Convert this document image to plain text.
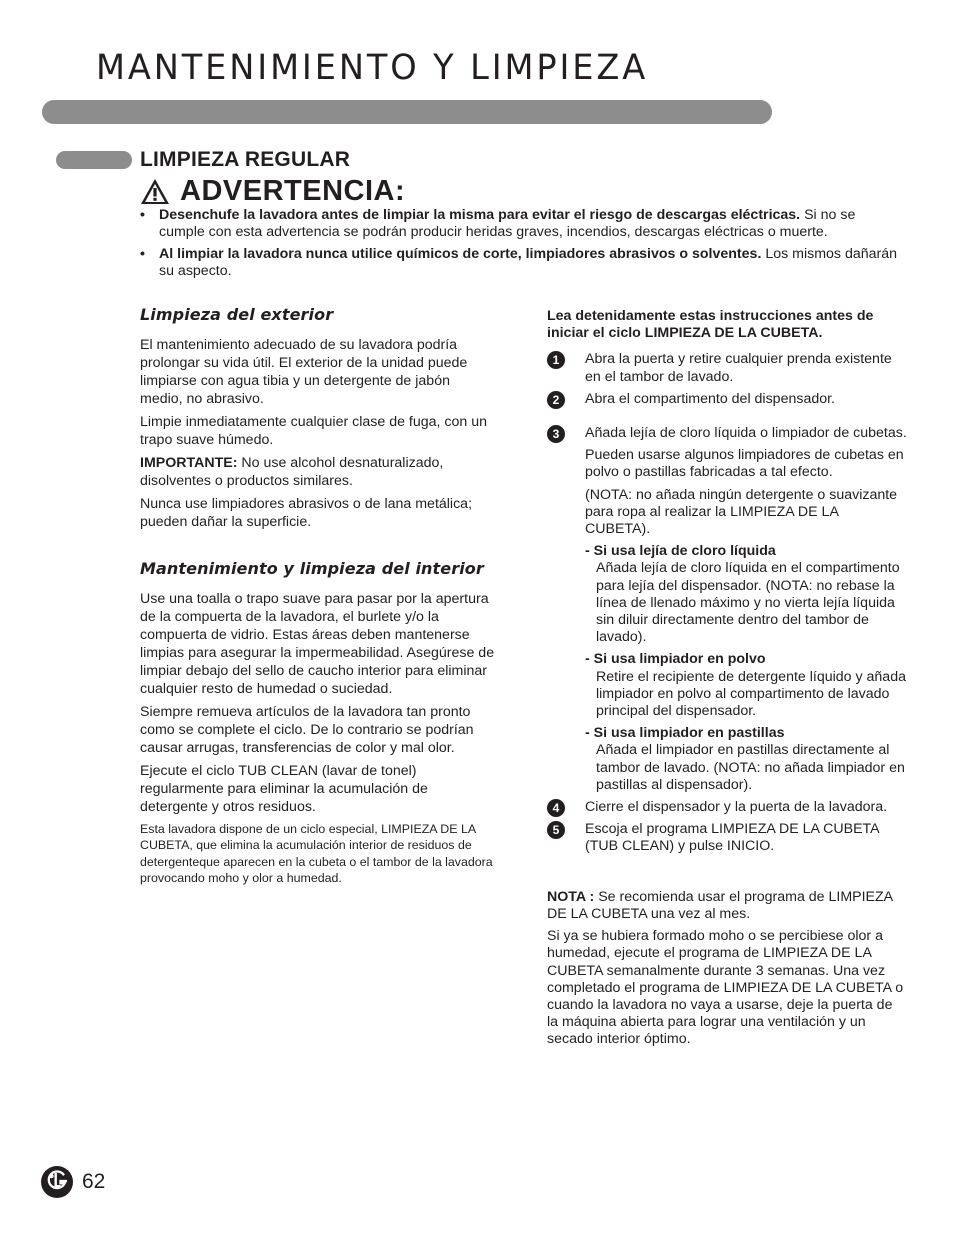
MANTENIMIENTO Y LIMPIEZA
LIMPIEZA REGULAR
ADVERTENCIA:
• Desenchufe la lavadora antes de limpiar la misma para evitar el riesgo de descargas eléctricas. Si no se cumple con esta advertencia se podrán producir heridas graves, incendios, descargas eléctricas o muerte.
• Al limpiar la lavadora nunca utilice químicos de corte, limpiadores abrasivos o solventes. Los mismos dañarán su aspecto.
Limpieza del exterior

El mantenimiento adecuado de su lavadora podría prolongar su vida útil. El exterior de la unidad puede limpiarse con agua tibia y un detergente de jabón medio, no abrasivo.

Limpie inmediatamente cualquier clase de fuga, con un trapo suave húmedo.

IMPORTANTE: No use alcohol desnaturalizado, disolventes o productos similares.

Nunca use limpiadores abrasivos o de lana metálica; pueden dañar la superficie.

Mantenimiento y limpieza del interior

Use una toalla o trapo suave para pasar por la apertura de la compuerta de la lavadora, el burlete y/o la compuerta de vidrio. Estas áreas deben mantenerse limpias para asegurar la impermeabilidad. Asegúrese de limpiar debajo del sello de caucho interior para eliminar cualquier resto de humedad o suciedad.

Siempre remueva artículos de la lavadora tan pronto como se complete el ciclo. De lo contrario se podrían causar arrugas, transferencias de color y mal olor.

Ejecute el ciclo TUB CLEAN (lavar de tonel) regularmente para eliminar la acumulación de detergente y otros residuos.

Esta lavadora dispone de un ciclo especial, LIMPIEZA DE LA CUBETA, que elimina la acumulación interior de residuos de detergenteque aparecen en la cubeta o el tambor de la lavadora provocando moho y olor a humedad.

Lea detenidamente estas instrucciones antes de iniciar el ciclo LIMPIEZA DE LA CUBETA.

1	Abra la puerta y retire cualquier prenda existente en el tambor de lavado.

2	Abra el compartimento del dispensador.

3	Añada lejía de cloro líquida o limpiador de cubetas.

Pueden usarse algunos limpiadores de cubetas en polvo o pastillas fabricadas a tal efecto.

(NOTA: no añada ningún detergente o suavizante para ropa al realizar la LIMPIEZA DE LA CUBETA).

- Si usa lejía de cloro líquida
Añada lejía de cloro líquida en el compartimento para lejía del dispensador. (NOTA: no rebase la línea de llenado máximo y no vierta lejía líquida sin diluir directamente dentro del tambor de lavado).
- Si usa limpiador en polvo
Retire el recipiente de detergente líquido y añada limpiador en polvo al compartimento de lavado principal del dispensador.
- Si usa limpiador en pastillas
Añada el limpiador en pastillas directamente al tambor de lavado. (NOTA: no añada limpiador en pastillas al dispensador).
4	Cierre el dispensador y la puerta de la lavadora.

5	Escoja el programa LIMPIEZA DE LA CUBETA (TUB CLEAN) y pulse INICIO.

NOTA : Se recomienda usar el programa de LIMPIEZA DE LA CUBETA una vez al mes.

Si ya se hubiera formado moho o se percibiese olor a humedad, ejecute el programa de LIMPIEZA DE LA CUBETA semanalmente durante 3 semanas. Una vez completado el programa de LIMPIEZA DE LA CUBETA o cuando la lavadora no vaya a usarse, deje la puerta de la máquina abierta para lograr una ventilación y un secado interior óptimo.

62
